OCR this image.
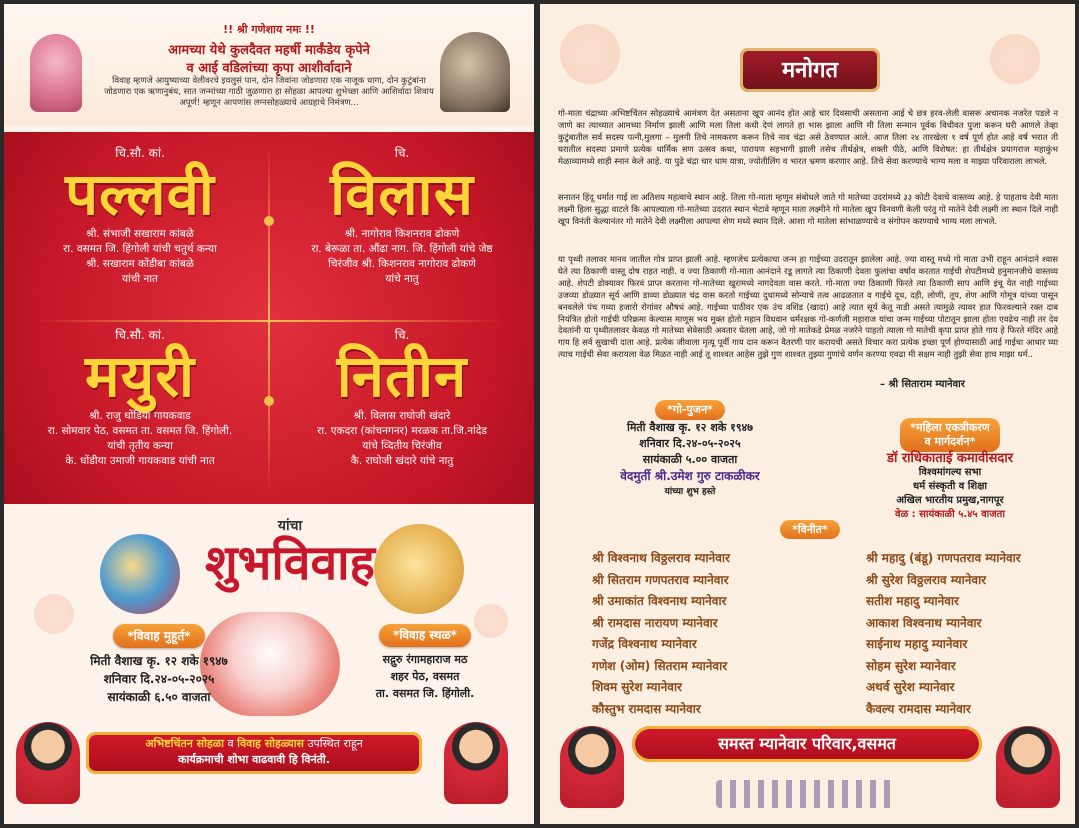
!! श्री गणेशाय नमः !!
आमच्या येथे कुलदैवत महर्षी मार्कंडेय कृपेने
व आई वडिलांच्या कृपा आशीर्वादाने
विवाह म्हणजे आयुष्याच्या वेलीवरचे इवलुसं पान, दोन जिवांना जोडणारा एक नाजूक धागा, दोन कुटुंबांना जोडणारा एक ऋणानुबंध, सात जन्मांच्या गाठी जुळणारा हा सोहळा आपल्या शुभेच्छा आणि आशिर्वादा शिवाय अपूर्ण! म्हणून आपणांस लग्नसोहळ्याचे आग्रहाचे निमंत्रण...
चि.सौ. कां.
पल्लवी
श्री. संभाजी सखाराम कांबळे
रा. वसमत जि. हिंगोली यांची चतुर्थ कन्या
श्री. सखाराम कोंडीबा कांबळे
यांची नात
चि.
विलास
श्री. नागोराव किशनराव ढोकणे
रा. बेरूळा ता. औंढा नाग. जि. हिंगोली यांचे जेष्ठ
चिरंजीव श्री. किशनराव नागोराव ढोकणे
यांचे नातु
चि.सौ. कां.
मयुरी
श्री. राजु धोंडिया गायकवाड
रा. सोमवार पेठ, वसमत ता. वसमत जि. हिंगोली.
यांची तृतीय कन्या
के. धोंडीया उमाजी गायकवाड यांची नात
चि.
नितीन
श्री. विलास राघोजी खंदारे
रा. एकदरा (कांचनगनर) मरळक ता.जि.नांदेड
यांचे व्दितीय चिरंजीव
कै. राघोजी खंदारे यांचे नातु
यांचा
शुभविवाह
*विवाह मुहूर्त*
मिती वैशाख कृ. १२ शके १९४७
शनिवार दि.२४-०५-२०२५
सायंकाळी ६.५० वाजता
*विवाह स्थळ*
सद्गुरु रंगामहाराज मठ
शहर पेठ, वसमत
ता. वसमत जि. हिंगोली.
अभिष्टचिंतन सोहळा व विवाह सोहळ्यास उपस्थित राहून
कार्यक्रमाची शोभा वाढवावी हि विनंती.
मनोगत
गो-माता चंद्राच्या अभिष्टचिंतन सोहळ्याचे आमंत्रण देत असताना खूप आनंद होत आहे चार दिवसाची असताना आई चे छत्र हरव-लेली वासरू अचानक नजरेत पडले न जाणे का त्याच्यात आमच्या निर्माण झाली आणि मला तिला कधी देणं लागते हा भास झाला आणि मी तिला सन्मान पूर्वक विधीवत पुजा करून घरी आणले तेव्हा कुटुंबातील सर्व सदस्य पत्नी,मुलगा – मुलगी तिचे नामकरण करून तिचे नाव चंद्रा असे ठेवण्यात आले. आज तिला २४ तारखेला १ वर्ष पूर्ण होत आहे वर्ष भरात ती घरातील सदस्या प्रमाणे प्रत्येक धार्मिक सण उत्सव कथा, पारायण सहभागी झाली तसेच तीर्थक्षेत्र, शक्ती पीठे, आणि विशेषत: हा तीर्थक्षेत्र प्रयागराज महाकुंभ मेळाव्यामध्ये शाही स्नान केले आहे. या पुढे चंद्रा चार धाम यात्रा, ज्योतीलिंग व भारत भ्रमण करणार आहे. तिचे सेवा करण्याचे भाग्य मला व माझ्या परिवाराला लाभले.
सनातन हिंदू धर्मात गाई ला अतिशय महत्वाचे स्थान आहे. तिला गो-माता म्हणून संबोधले जाते गो मातेच्या उदरांमध्ये ३३ कोटी देवाचे वास्तव्य आहे. हे पाहताच देवी माता लक्ष्मी हिला सुद्धा वाटले कि आपल्याला गो-मातेच्या उदरात स्थान भेटावे म्हणून माता लक्ष्मीने गो मातेला खूप विनवणी केली परंतु गो मातेने देवी लक्ष्मी ला स्थान दिले नाही खूप विनंती केल्यानंतर गो मातेने देवी लक्ष्मीला आपल्या शेण मध्ये स्थान दिले. आशा गो मातेला सांभाळण्याचे व संगोपन करण्याचे भाग्य मला लाभले.
या पृथ्वी तलावर मानव जातील गोत्र प्राप्त झाली आहे. म्हणजेच प्रत्येकाचा जन्म हा गाईच्या उदरातून झालेला आहे. ज्या वास्तू मध्ये गो माता उभी राहून आनंदाने श्वास घेते त्या ठिकाणी वास्तू दोष राहत नाही. व ज्या ठिकाणी गो-माता आनंदाने रडू लागते त्या ठिकाणी देवता फुलांचा वर्षाव करतात गाईची शेपटीमध्ये हनुमानजीचे वास्तव्य आहे. शेपटी डोक्यावर फिरवं प्राप्त करताना गो-मातेच्या खुरामध्ये नागदेवता वास करते. गो-माता ज्या ठिकाणी फिरते त्या ठिकाणी साप आणि इंचू येत नाही गाईच्या उजव्या डोळ्यात सूर्य आणि डाव्या डोळ्यात चंद्र वास करतो गाईच्या दुधामध्ये सोन्याचे तत्व आढळतात व गाईचे दूध, दही, लोणी, तूप, शेण आणि गोमूत्र यांच्या पासून बनवलेले पंच गव्या हजारो रोगांवर औषधं आहे. गाईच्या पाठीवर एक उंच वशिंड (खादा) आहे त्यात सूर्य केतू नाडी असते त्यामुळे त्यावर हात फिरवल्याने रक्त दाब नियंत्रित होतो गाईची परिक्रमा केल्यास माणूस भय मुक्त होतो महान विधवान धर्मरक्षक गो-कर्णजी महाराज यांचा जन्म गाईच्या पोटातून झाला होता एवढेच नाही तर देव देवतांनी या पृथ्वीतलावर केवळ गो मातेच्या सेवेसाठी अवतार घेतला आहे, जो गो मातेकडे प्रेमळ नजरेने पाहतो त्याला गो मातेची कृपा प्राप्त होते गाय हे फिरते मंदिर आहे गाय हि सर्व सुखाची दाता आहे. प्रत्येक जीवाला मृत्यू पूर्वी गाय दान करून वैतरणी पार करायची असते विचार करा प्रत्येक इच्छा पूर्ण होण्यासाठी आई गाईचा आधार घ्या त्याच गाईची सेवा करायला वेळ मिळत नाही आई तू शाश्वत आहेस तुझे गुण शाश्वत तुझ्या गुणांचे वर्णन करण्या एवढा मी सक्षम नाही तुझी सेवा हाच माझा धर्म..
– श्री सिताराम म्यानेवार
*गो-पुजन*
मिती वैशाख कृ. १२ शके १९४७
शनिवार दि.२४-०५-२०२५
सायंकाळी ५.०० वाजता
वेदमुर्ती श्री.उमेश गुरु टाकळीकर
यांच्या शुभ हस्ते
*महिला एकत्रीकरण
व मार्गदर्शन*
डॉ राधिकाताई कमावीसदार
विश्वमांगल्य सभा
धर्म संस्कृती व शिक्षा
अखिल भारतीय प्रमुख,नागपूर
वेळ : सायंकाळी ५.४५ वाजता
*विनीत*
श्री विश्वनाथ विठ्ठलराव म्यानेवार
श्री सितराम गणपतराव म्यानेवार
श्री उमाकांत विश्वनाथ म्यानेवार
श्री रामदास नारायण म्यानेवार
गजेंद्र विश्वनाथ म्यानेवार
गणेश (ओम) सितराम म्यानेवार
शिवम सुरेश म्यानेवार
कौस्तुभ रामदास म्यानेवार
श्री महादु (बंडू) गणपतराव म्यानेवार
श्री सुरेश विठ्ठलराव म्यानेवार
सतीश महादु म्यानेवार
आकाश विश्वनाथ म्यानेवार
साईनाथ महादु म्यानेवार
सोहम सुरेश म्यानेवार
अथर्व सुरेश म्यानेवार
कैवल्य रामदास म्यानेवार
समस्त म्यानेवार परिवार,वसमत
